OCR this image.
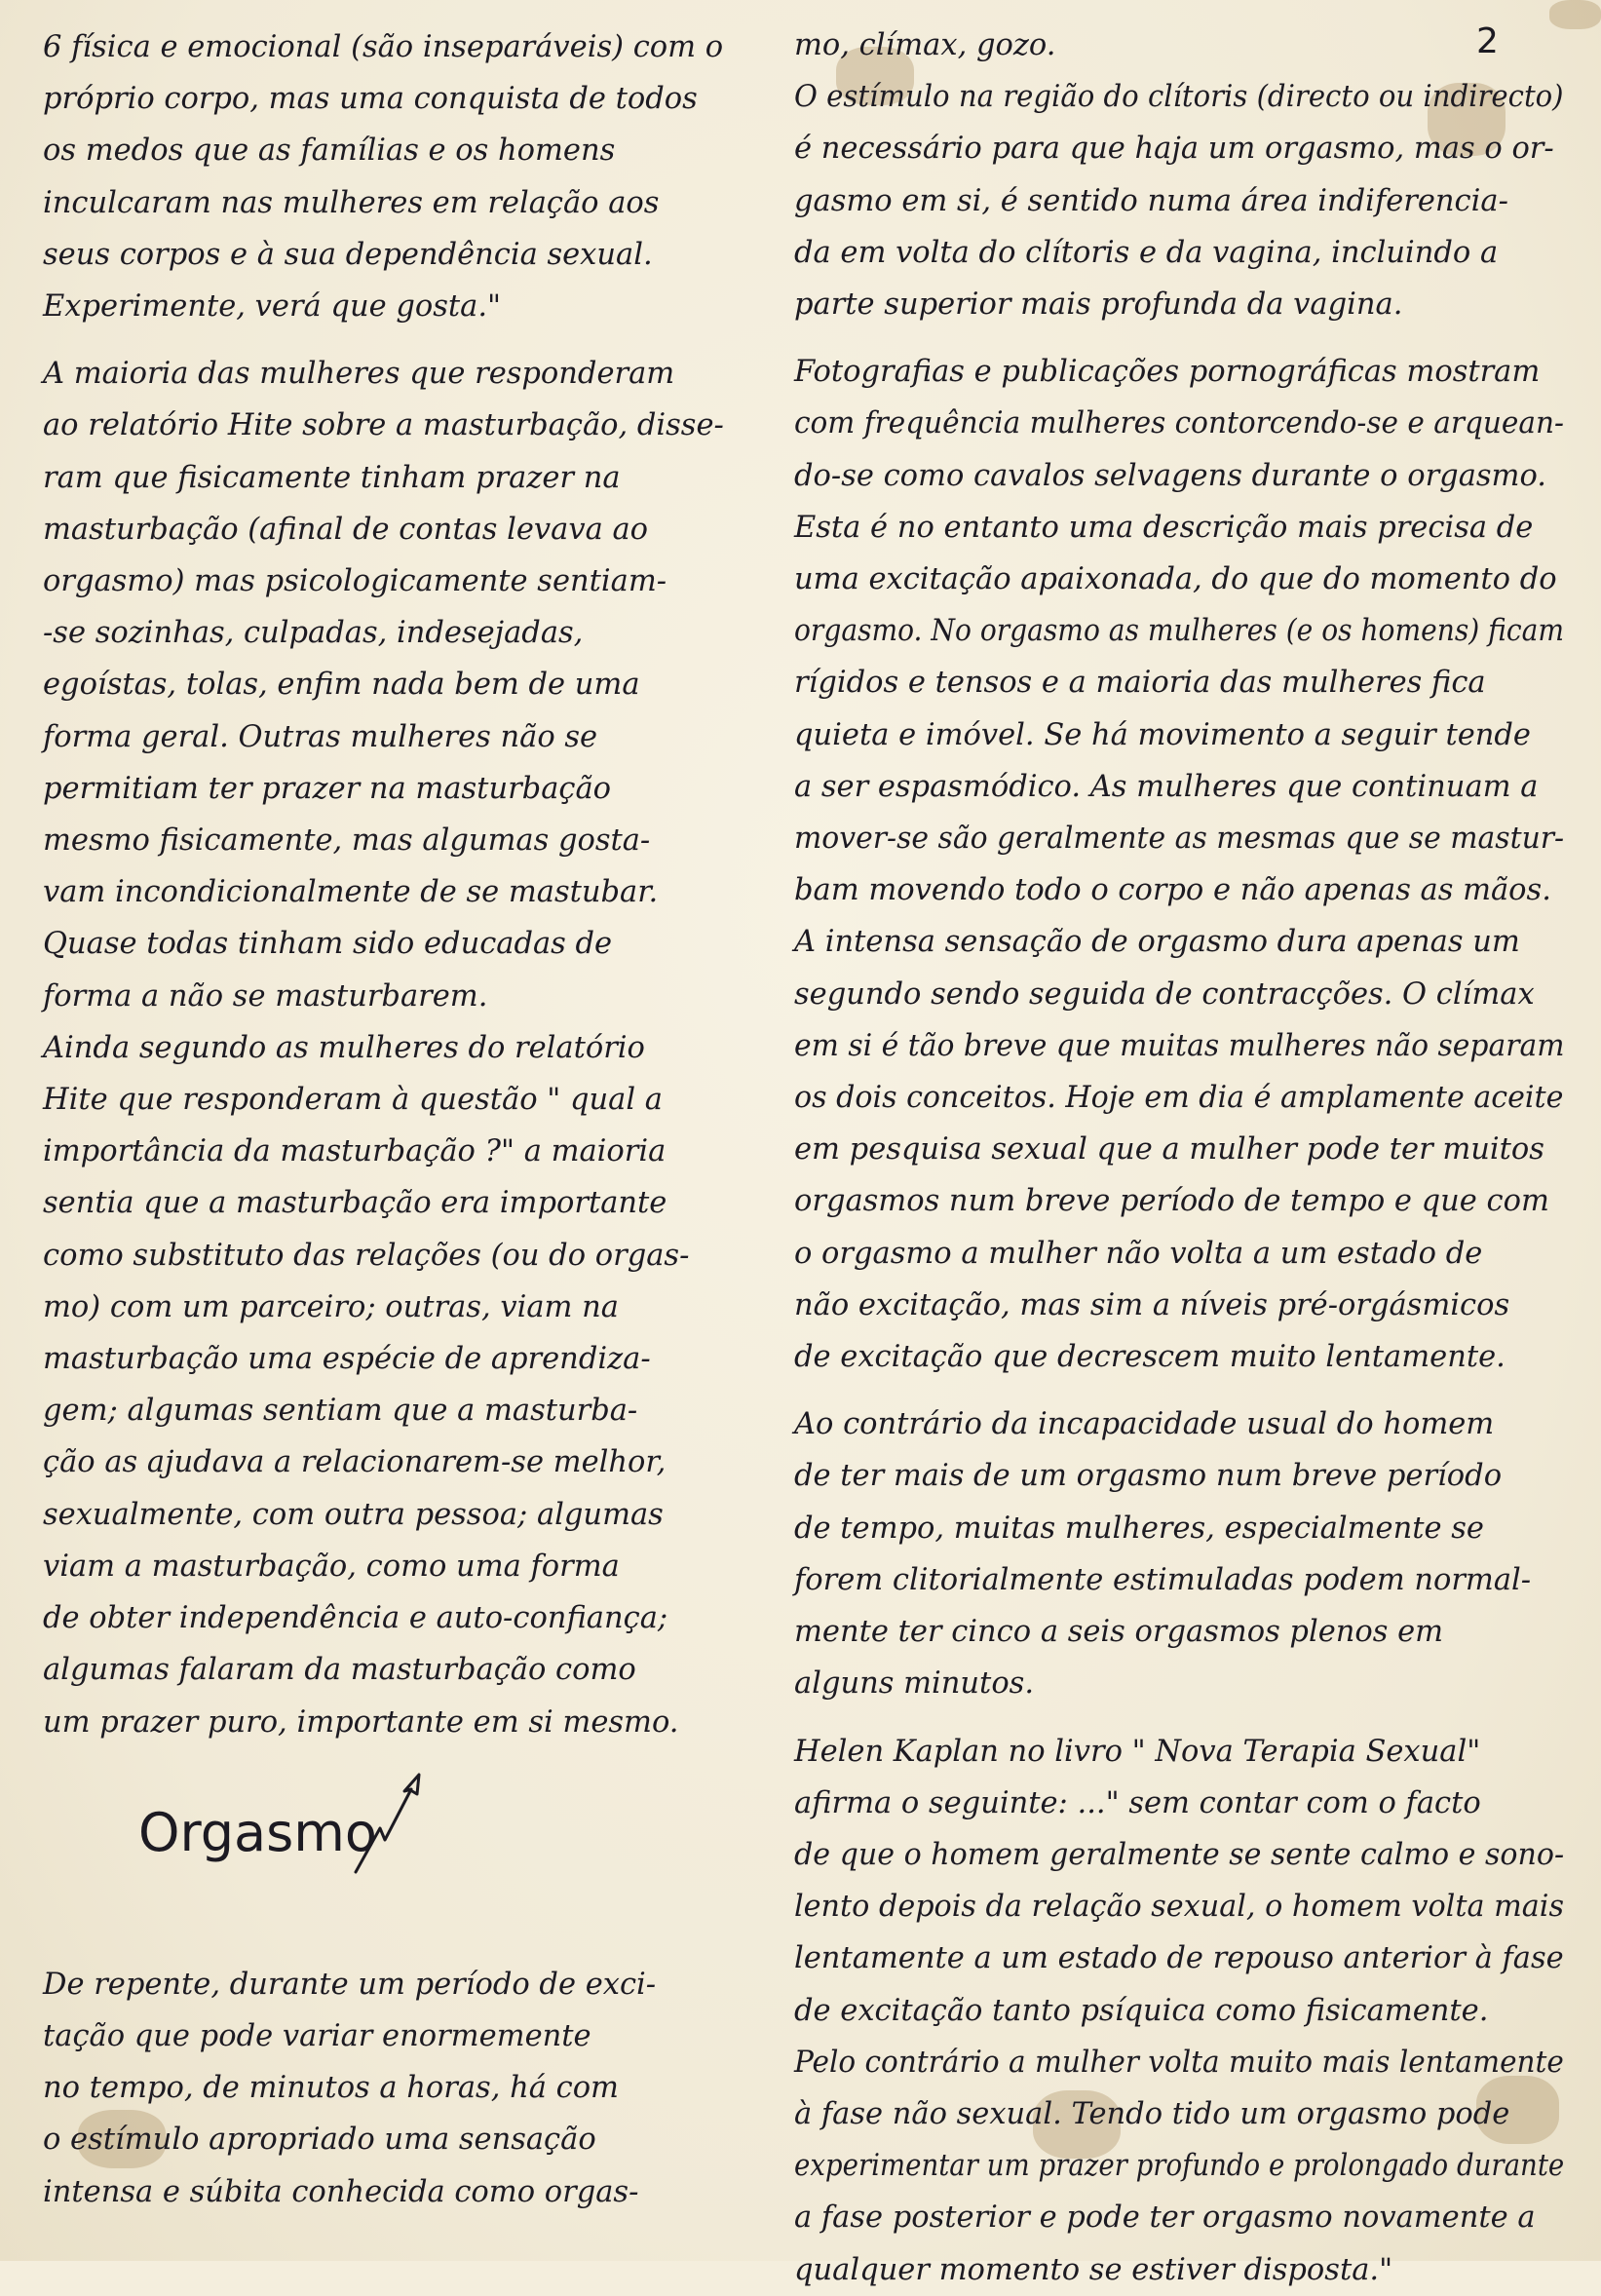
2
6 física e emocional (são inseparáveis) com o
próprio corpo, mas uma conquista de todos
os medos que as famílias e os homens
inculcaram nas mulheres em relação aos
seus corpos e à sua dependência sexual.
Experimente, verá que gosta."
A maioria das mulheres que responderam
ao relatório Hite sobre a masturbação, disse-
ram que fisicamente tinham prazer na
masturbação (afinal de contas levava ao
orgasmo) mas psicologicamente sentiam-
-se sozinhas, culpadas, indesejadas,
egoístas, tolas, enfim nada bem de uma
forma geral. Outras mulheres não se
permitiam ter prazer na masturbação
mesmo fisicamente, mas algumas gosta-
vam incondicionalmente de se mastubar.
Quase todas tinham sido educadas de
forma a não se masturbarem.
Ainda segundo as mulheres do relatório
Hite que responderam à questão " qual a
importância da masturbação ?" a maioria
sentia que a masturbação era importante
como substituto das relações (ou do orgas-
mo) com um parceiro; outras, viam na
masturbação uma espécie de aprendiza-
gem; algumas sentiam que a masturba-
ção as ajudava a relacionarem-se melhor,
sexualmente, com outra pessoa; algumas
viam a masturbação, como uma forma
de obter independência e auto-confiança;
algumas falaram da masturbação como
um prazer puro, importante em si mesmo.
Orgasmo
De repente, durante um período de exci-
tação que pode variar enormemente
no tempo, de minutos a horas, há com
o estímulo apropriado uma sensação
intensa e súbita conhecida como orgas-
mo, clímax, gozo.
O estímulo na região do clítoris (directo ou indirecto)
é necessário para que haja um orgasmo, mas o or-
gasmo em si, é sentido numa área indiferencia-
da em volta do clítoris e da vagina, incluindo a
parte superior mais profunda da vagina.
Fotografias e publicações pornográficas mostram
com frequência mulheres contorcendo-se e arquean-
do-se como cavalos selvagens durante o orgasmo.
Esta é no entanto uma descrição mais precisa de
uma excitação apaixonada, do que do momento do
orgasmo. No orgasmo as mulheres (e os homens) ficam
rígidos e tensos e a maioria das mulheres fica
quieta e imóvel. Se há movimento a seguir tende
a ser espasmódico. As mulheres que continuam a
mover-se são geralmente as mesmas que se mastur-
bam movendo todo o corpo e não apenas as mãos.
A intensa sensação de orgasmo dura apenas um
segundo sendo seguida de contracções. O clímax
em si é tão breve que muitas mulheres não separam
os dois conceitos. Hoje em dia é amplamente aceite
em pesquisa sexual que a mulher pode ter muitos
orgasmos num breve período de tempo e que com
o orgasmo a mulher não volta a um estado de
não excitação, mas sim a níveis pré-orgásmicos
de excitação que decrescem muito lentamente.
Ao contrário da incapacidade usual do homem
de ter mais de um orgasmo num breve período
de tempo, muitas mulheres, especialmente se
forem clitorialmente estimuladas podem normal-
mente ter cinco a seis orgasmos plenos em
alguns minutos.
Helen Kaplan no livro " Nova Terapia Sexual"
afirma o seguinte: ..." sem contar com o facto
de que o homem geralmente se sente calmo e sono-
lento depois da relação sexual, o homem volta mais
lentamente a um estado de repouso anterior à fase
de excitação tanto psíquica como fisicamente.
Pelo contrário a mulher volta muito mais lentamente
à fase não sexual. Tendo tido um orgasmo pode
experimentar um prazer profundo e prolongado durante
a fase posterior e pode ter orgasmo novamente a
qualquer momento se estiver disposta."
